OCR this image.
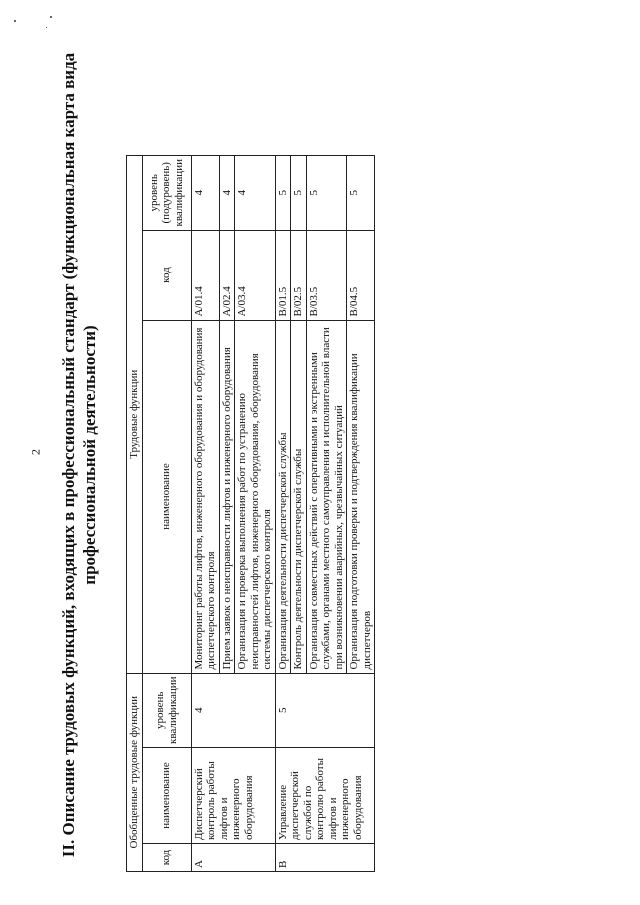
2 II. Описание трудовых функций, входящих в профессиональный стандарт (функциональная карта вида профессиональной деятельности)
Обобщенные трудовые функции			Трудовые функции		
код	наименование	уровень квалификации	наименование	код	уровень (подуровень) квалификации
A	Диспетчерский контроль работы лифтов и инженерного оборудования	4	Мониторинг работы лифтов, инженерного оборудования и оборудования диспетчерского контроля	A/01.4	4
			Прием заявок о неисправности лифтов и инженерного оборудования	A/02.4	4
			Организация и проверка выполнения работ по устранению неисправностей лифтов, инженерного оборудования, оборудования системы диспетчерского контроля	A/03.4	4
B	Управление диспетчерской службой по контролю работы лифтов и инженерного оборудования	5	Организация деятельности диспетчерской службы	B/01.5	5
			Контроль деятельности диспетчерской службы	B/02.5	5
			Организация совместных действий с оперативными и экстренными службами, органами местного самоуправления и исполнительной власти при возникновении аварийных, чрезвычайных ситуаций	B/03.5	5
			Организация подготовки проверки и подтверждения квалификации диспетчеров	B/04.5	5
